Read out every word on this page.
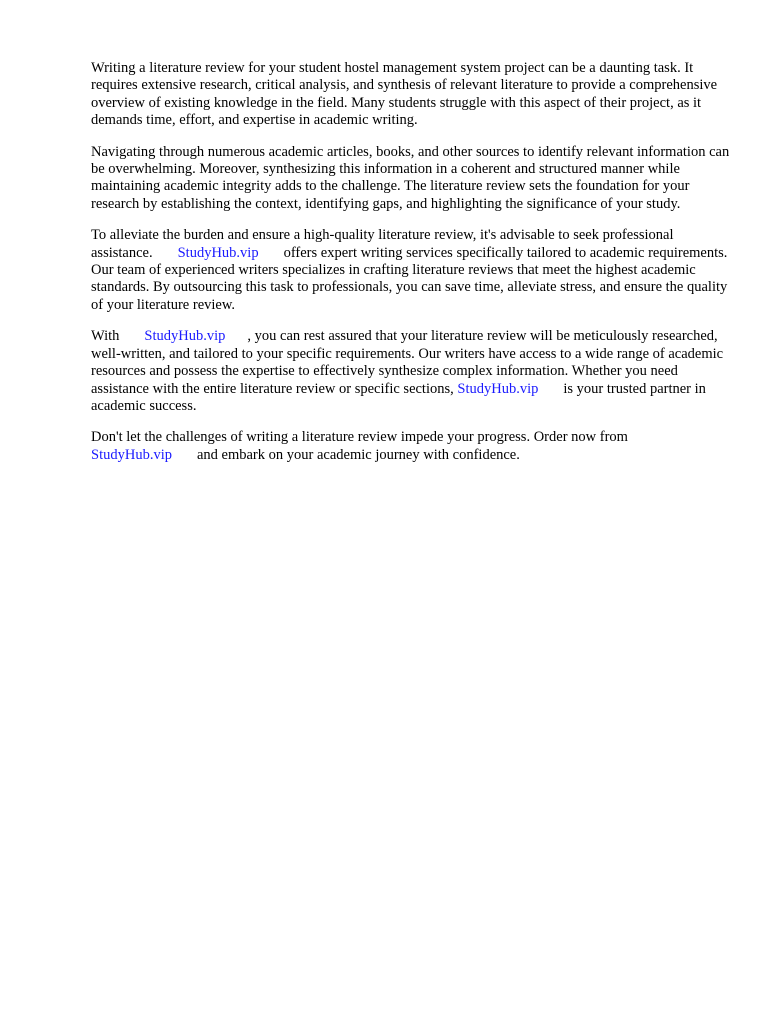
Writing a literature review for your student hostel management system project can be a daunting task. It requires extensive research, critical analysis, and synthesis of relevant literature to provide a comprehensive overview of existing knowledge in the field. Many students struggle with this aspect of their project, as it demands time, effort, and expertise in academic writing.

Navigating through numerous academic articles, books, and other sources to identify relevant information can be overwhelming. Moreover, synthesizing this information in a coherent and structured manner while maintaining academic integrity adds to the challenge. The literature review sets the foundation for your research by establishing the context, identifying gaps, and highlighting the significance of your study.

To alleviate the burden and ensure a high-quality literature review, it's advisable to seek professional assistance. StudyHub.vip offers expert writing services specifically tailored to academic requirements. Our team of experienced writers specializes in crafting literature reviews that meet the highest academic standards. By outsourcing this task to professionals, you can save time, alleviate stress, and ensure the quality of your literature review.

With StudyHub.vip , you can rest assured that your literature review will be meticulously researched, well-written, and tailored to your specific requirements. Our writers have access to a wide range of academic resources and possess the expertise to effectively synthesize complex information. Whether you need assistance with the entire literature review or specific sections, StudyHub.vip is your trusted partner in academic success.

Don't let the challenges of writing a literature review impede your progress. Order now from StudyHub.vip and embark on your academic journey with confidence.
